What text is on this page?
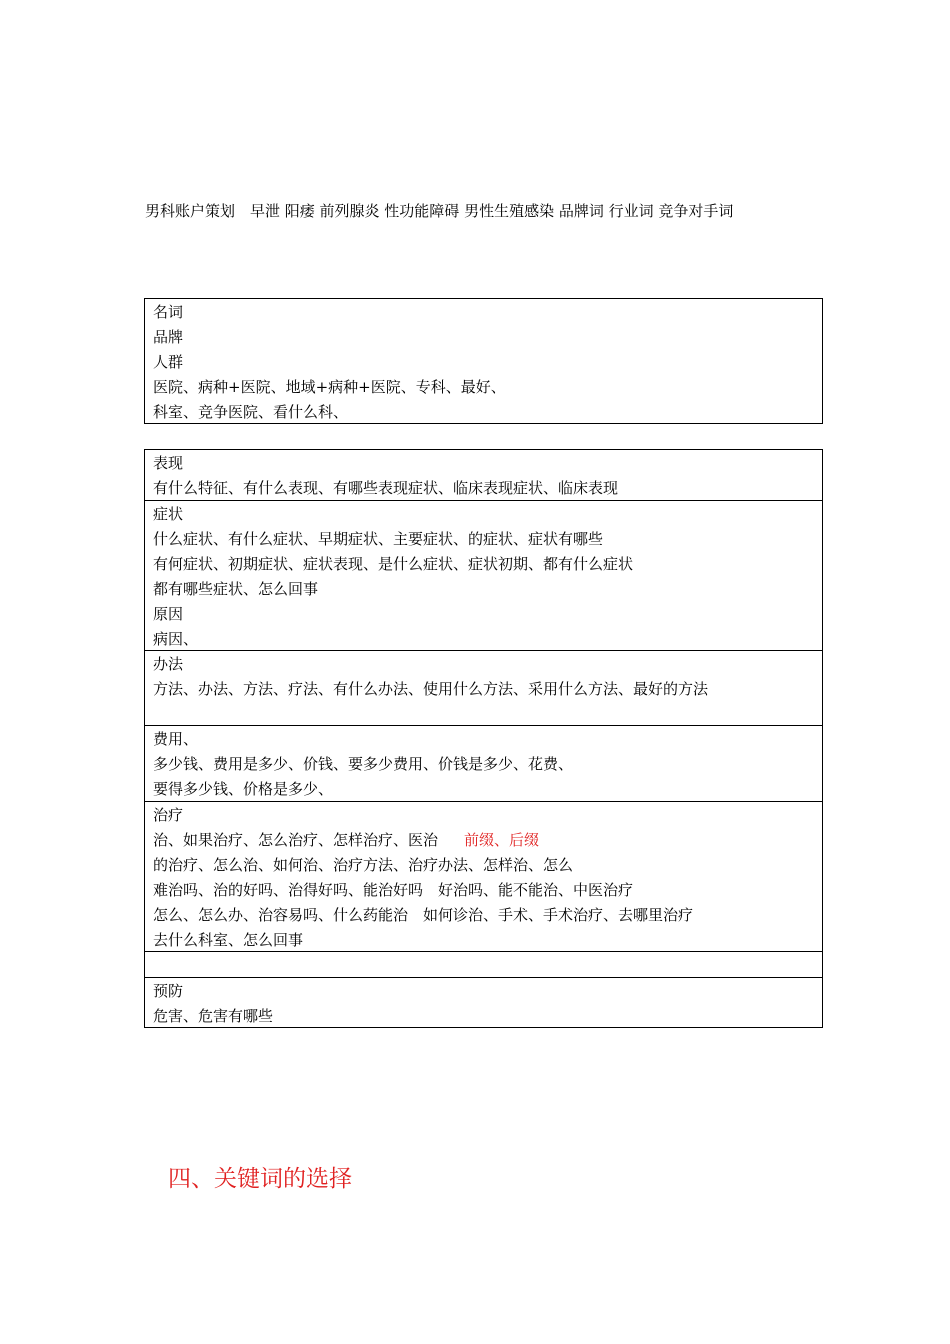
男科账户策划　早泄 阳痿 前列腺炎 性功能障碍 男性生殖感染 品牌词 行业词 竞争对手词
名词
品牌
人群
医院、病种+医院、地域+病种+医院、专科、最好、
科室、竞争医院、看什么科、
表现
有什么特征、有什么表现、有哪些表现症状、临床表现症状、临床表现
症状
什么症状、有什么症状、早期症状、主要症状、的症状、症状有哪些
有何症状、初期症状、症状表现、是什么症状、症状初期、都有什么症状
都有哪些症状、怎么回事
原因
病因、
办法
方法、办法、方法、疗法、有什么办法、使用什么方法、采用什么方法、最好的方法
费用、
多少钱、费用是多少、价钱、要多少费用、价钱是多少、花费、
要得多少钱、价格是多少、
治疗
治、如果治疗、怎么治疗、怎样治疗、医治 前缀、后缀
的治疗、怎么治、如何治、治疗方法、治疗办法、怎样治、怎么
难治吗、治的好吗、治得好吗、能治好吗　好治吗、能不能治、中医治疗
怎么、怎么办、治容易吗、什么药能治　如何诊治、手术、手术治疗、去哪里治疗
去什么科室、怎么回事
预防
危害、危害有哪些
四、关键词的选择
